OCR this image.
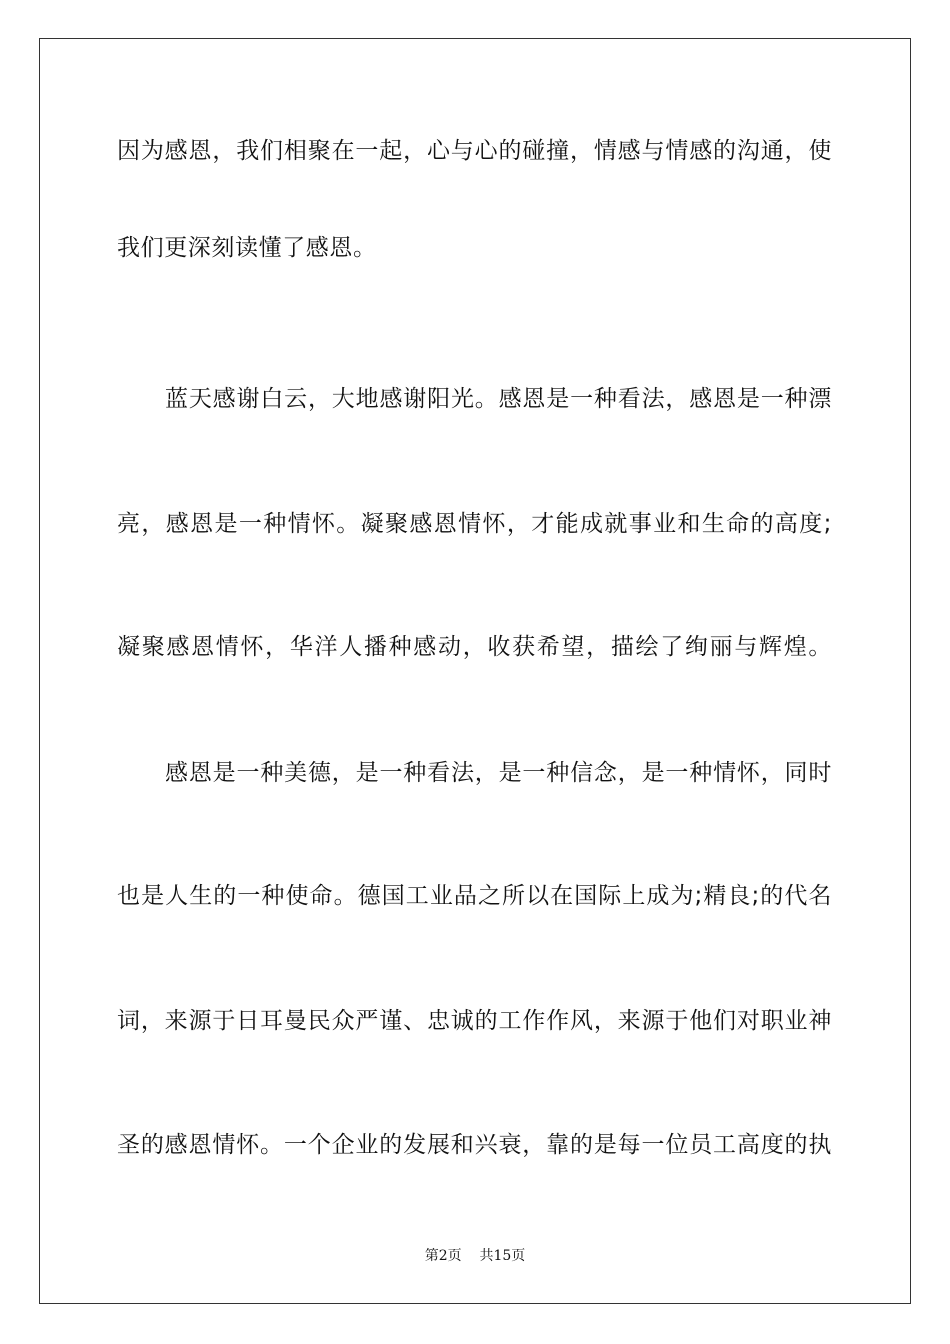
因为感恩，我们相聚在一起，心与心的碰撞，情感与情感的沟通，使
我们更深刻读懂了感恩。
蓝天感谢白云，大地感谢阳光。感恩是一种看法，感恩是一种漂
亮，感恩是一种情怀。凝聚感恩情怀，才能成就事业和生命的高度;
凝聚感恩情怀，华洋人播种感动，收获希望，描绘了绚丽与辉煌。
感恩是一种美德，是一种看法，是一种信念，是一种情怀，同时
也是人生的一种使命。德国工业品之所以在国际上成为;精良;的代名
词，来源于日耳曼民众严谨、忠诚的工作作风，来源于他们对职业神
圣的感恩情怀。一个企业的发展和兴衰，靠的是每一位员工高度的执
第2页 共15页
